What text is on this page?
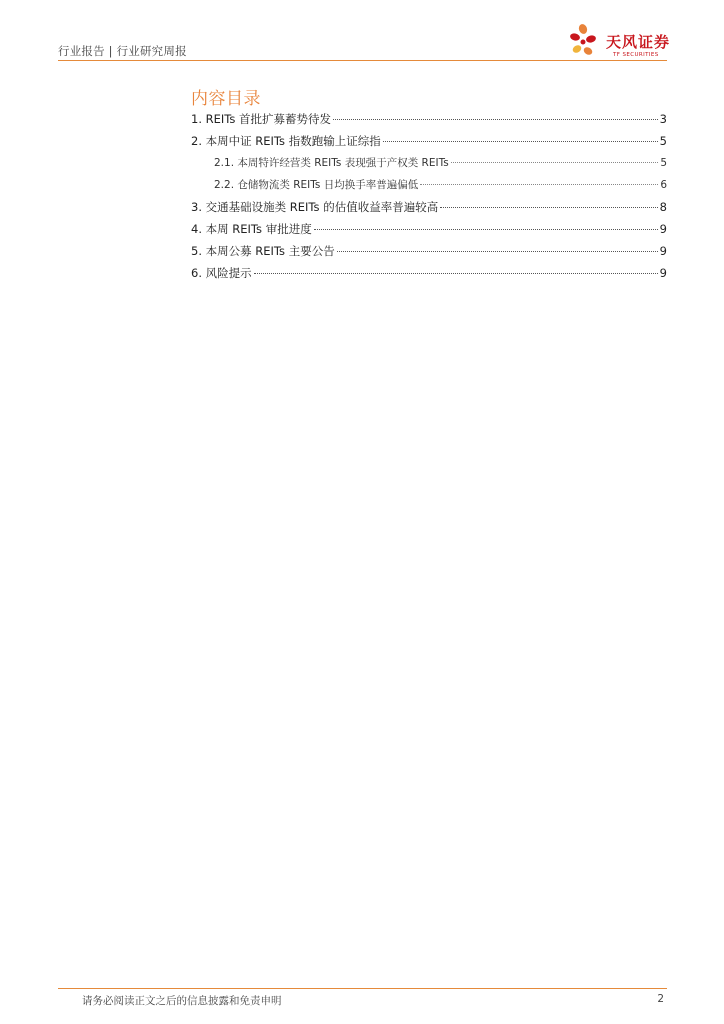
行业报告 | 行业研究周报	天风证券
TF SECURITIES
内容目录
1. REITs 首批扩募蓄势待发	3
2. 本周中证 REITs 指数跑输上证综指	5
2.1. 本周特许经营类 REITs 表现强于产权类 REITs	5
2.2. 仓储物流类 REITs 日均换手率普遍偏低	6
3. 交通基础设施类 REITs 的估值收益率普遍较高	8
4. 本周 REITs 审批进度	9
5. 本周公募 REITs 主要公告	9
6. 风险提示	9
请务必阅读正文之后的信息披露和免责申明	2
